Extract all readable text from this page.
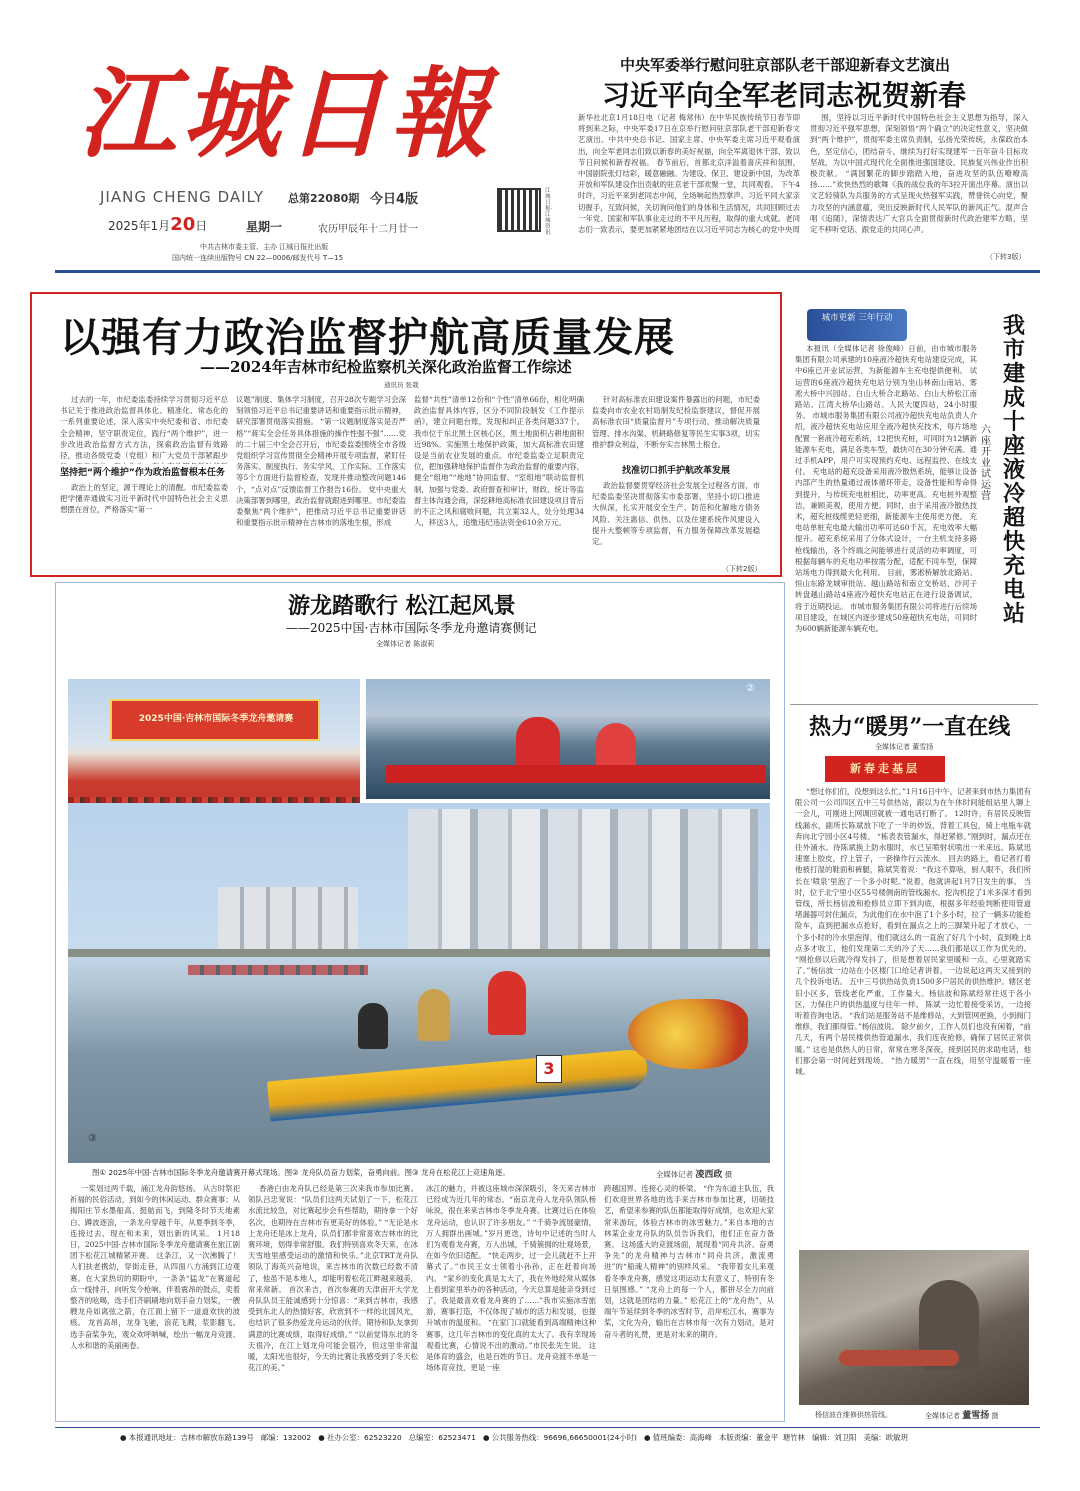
江城日報
JIANG CHENG DAILY 总第22080期 今日4版
2025年1月20日	星期一	农历甲辰年十二月廿一
中共吉林市委主管、主办 江城日报社出版
国内统一连续出版物号 CN 22—0006/邮发代号 T—15
江城日报·江城资讯
中央军委举行慰问驻京部队老干部迎新春文艺演出
习近平向全军老同志祝贺新春

新华社北京1月18日电（记者 梅常伟）在中华民族传统节日春节即将到来之际，中央军委17日在京举行慰问驻京部队老干部迎新春文艺演出。中共中央总书记、国家主席、中央军委主席习近平观看演出，向全军老同志们致以新春的美好祝福，向全军离退休干部、致以节日问候和新春祝福。 春节前后，首都北京洋溢着喜庆祥和氛围，中国剧院张灯结彩，暖意融融。为建设、保卫、建设新中国，为改革开放和军队建设作出贡献的驻京老干部欢聚一堂，共同观看。 下午4时许，习近平来到老同志中间，全场响起热烈掌声。习近平同大家亲切握手，互致问候，关切询问他们的身体和生活情况，共同回顾过去一年党、国家和军队事业走过的不平凡历程，取得的重大成就。老同志们一致表示，要更加紧紧地团结在以习近平同志为核心的党中央周

围，坚持以习近平新时代中国特色社会主义思想为指导，深入贯彻习近平强军思想，深刻领悟“两个确立”的决定性意义，坚决做到“两个维护”，贯彻军委主席负责制，弘扬光荣传统，永葆政治本色，坚定信心，团结奋斗，继续为打好实现建军一百年奋斗目标攻坚战，为以中国式现代化全面推进强国建设、民族复兴伟业作出积极贡献。 “满园繁花的脚步踏踏入地，奋进攻坚的队伍嘹嘹高扬……”欢快热烈的歌舞《我的战位我的年3拉开演出序幕。演出以文艺轻骑队为兵服务的方式呈现火热强军实践，赞誉铁心向党，聚力攻坚的内涵意蕴，突出反映新时代人民军队的新风正气。混声合唱《追随》，深情表达广大官兵全面贯彻新时代政治建军方略，坚定不移听党话、跟党走的共同心声。

（下转3版）
以强有力政治监督护航高质量发展
——2024年吉林市纪检监察机关深化政治监督工作综述
通讯员 张栽

过去的一年，市纪委监委持续学习贯彻习近平总书记关于推进政治监督具体化、精准化、常态化的一系列重要论述，深入落实中央纪委和省、市纪委全会精神，坚守职责定位，践行“两个维护”，进一步改进政治监督方式方法，探索政治监督有效路径，推动各级党委（党组）和广大党员干部紧跟步

坚持把“两个维护”作为政治监督根本任务

政治上的坚定，源于理论上的清醒。市纪委监委把学懂弄通做实习近平新时代中国特色社会主义思想摆在首位，严格落实“第一

议题”制度、集体学习制度，召开28次专题学习会深刻领悟习近平总书记重要讲话和重要指示批示精神，研究部署贯彻落实措施。 “第一议题制度落实是否严格”“蒋实全会任务具体措施的操作性强不强”……党的二十届三中全会召开后，市纪委监委围绕全市各级党组织学习宣传贯彻全会精神开展专项监督，紧盯任务落实、制度执行、务实学风、工作实际、工作落实等5个方面进行监督检查，发现并推动整改问题146个，“点对点”反馈监督工作报告16份。 党中央重大决策部署到哪里，政治监督就跟进到哪里。市纪委监委聚焦“两个维护”，把推动习近平总书记重要讲话和重要指示批示精神在吉林市的落地生根，形成

监督“共性”清单12份和“个性”清单66份，相化明确政治监督具体内容，区分不同阶段制发《工作提示函》，建立问题台账，发现和纠正各类问题337个。 我市位于东北黑土区核心区，黑土地面积占耕地面积近98%。实施黑土地保护政策，加大高标准农田建设是当前农业发展的重点。市纪委监委立足职责定位，把加强耕地保护监督作为政治监督的重要内容，健全“组地”“地地”协同监督、“室组地”联动监督机制，加强与党委、政府督查和审计、财政、统计等监督主体沟通会商，深挖耕地高标准农田建设项目背后的不正之风和腐败问题，共立案32人，处分处理34人，移送3人，追缴违纪违法资金610余万元。

针对高标准农田建设案件暴露出的问题，市纪委监委向市农业农村局制发纪检监察建议，督促开展高标准农田“质量监督月”专项行动，推动解决质量管理、排水沟渠、机耕路修复等民生实事3项，切实推护群众利益，不断夯实吉林黑土根仓。

找准切口抓手护航改革发展

政治监督要贯穿经济社会发展全过程各方面，市纪委监委坚决贯彻落实市委部署，坚持小切口推进大纵深，扎实开展安全生产、防范和化解地方债务风险、关注惠信、供热、以及住建系统作风建设入提升大整顿等专项监督，有力服务保障改革发展稳定。

（下转2版）
游龙踏歌行 松江起风景
——2025中国·吉林市国际冬季龙舟邀请赛侧记
全媒体记者 陈淑莉
2025中国·吉林市国际冬季龙舟邀请赛
②
3
③
图① 2025年中国·吉林市国际冬季龙舟邀请赛开幕式现场。图② 龙舟队员奋力划桨，奋勇向前。图③ 龙舟在松花江上竞速角逐。	全媒体记者 凌西政 摄

一桨划过两千载，涌江龙舟韵悠扬。 从古时祭祀祈福的民俗活动，到如今的休闲运动、群众赛事；从揭阳庄节水墨船高、挺舫而飞，到隆冬时节天地素白、蹲波逐浪，一条龙舟穿越千年，从夏季到冬季，连接过去、现在和未来，划出新的风采。 1月18日，2025中国·吉林市国际冬季龙舟邀请赛在旅江剧团下松花江城精紧开赛。 这条江，又一次沸腾了！ 人们扶老携幼，穿街走巷，从四面八方涌到江边观赛。在大家热切的期盼中，一条条“猛龙”在赛道起点一线排开，向听发令枪响，伴着震昂的鼓点，奕着整齐的吆喝，选手们齐刷刷地向划手奋力划桨，一艘艘龙舟如离弦之箭，在江面上留下一道道欢快的波痕。 龙首高昂，龙身飞驰，浪花飞溅，浆影翻飞。选手奋桨争先，观众欢呼呐喊，绘出一幅龙舟竞渡、人水和谐的美丽画卷。

香港白由龙舟队已经是第三次来我市参加比赛。领队吕忠宽说：“队员们这两天试划了一下，松花江水流比较急，对比赛起步会有些帮助，期待拿一个好名次，也期待在吉林市有更美好的体验。” “无论是水上龙舟还是冰上龙舟，队员们都非常喜欢吉林市的比赛环境，划得非常舒服。我们特别喜欢冬天来，在冰天雪地里感受运动的激情和快乐。”北京TRT龙舟队领队丁海英兴奋地说，来吉林市的次数已经数不清了，他虽不是本地人，却能明着松花江畔越来越美，常来常新。 首次来吉，首次参赛的天津南开大学龙舟队队员王能诚感到十分惊喜：“来到吉林市，我感受到东北人的热情好客，欣赏到不一样的北国风光，也结识了很多热爱龙舟运动的伙伴。期待和队友拿到满意的比赛成绩，取得好成绩。” “以前觉得东北的冬天很冷，在江上划龙舟可能会很冷，但这里非常温暖，太阳光也很好，今天的比赛让我感受到了冬天松花江的美。”

冰江的魅力，并被这座城市深深吸引，冬天来吉林市已经成为近几年的常态。“南京龙舟人龙舟队领队杨咏说，很在来来吉林市冬季龙舟赛。比赛过后在体验龙舟运动，也认识了许多朋友。” “千骑争流展豪情，万人拥群出画城。”岁月更迭，诗句中记述的当时人们为观看龙舟赛，万人出城，千骑簇拥的壮观场景，在如今依旧适配。 “快走两步，过一会儿就赶不上开幕式了。”市民王女士领着小孙孙，正在赶着向场内。 “家乡的变化真是太大了，我在外地经常从媒体上看到家里举办的各种活动，今天总算是能亲身到过了，我是最喜欢看龙舟赛的了……”我市实施冰雪旅游，赛事打造，不仅体现了城市的活力和发展，也提升城市的温度和。 “在家门口就能看到高端精神这种赛事，这几年吉林市的变化真的太大了。我有幸现场观看比赛，心情说不出的激动。”市民张先生说。 这是体育的盛会，也是百姓的节日。龙舟竞渡不单是一场体育竞技，更是一座

跨越国界、连接心灵的桥梁。 “作为东道主队伍，我们欢迎世界各地的选手来吉林市参加比赛，切磋技艺，希望来参赛的队伍都能取得好成绩，也欢迎大家常来游玩，体验吉林市的冰雪魅力。”来自本地的吉林某企业龙舟队的队员告诉我们，他们正在奋力备赛。 这场盛大的竞渡场面，展现着“同舟共济、奋勇争先”的龙舟精神与吉林市“同舟共济，激流勇进”的“船魂人精神”的别样风采。 “我带着女儿来观看冬季龙舟赛，感觉这项运动太有意义了，特别有冬日氛围感。” “龙舟上的每一个人，都拼尽全力向前划，这就是团结的力量。” 松花江上的“龙舟热”，从端午节延续到冬季的冰雪时节，沿岸松江水，赛事为桨，文化为舟，输出在吉林市每一次有力划动，是对奋斗者的礼赞，更是对未来的期许。

城市更新 三年行动	我市建成十座液冷超快充电站
六座开业试运营

本报讯（全媒体记者 徐俊峰）日前，由市城市服务集团有限公司承建的10座液冷超快充电站建设完成，其中6座已开业试运营，为新能源车主充电提供便利。 试运营的6座液冷超快充电站分别为坐山林南山南站、雾凇大桥中兴园站、白山大桥合北路站、白山大桥松江南路站、江湾大桥华山路站、人民大厦四站，24小时服务。 市城市服务集团有限公司液冷超快充电站负责人介绍，液冷超快充电站应用全液冷超快充技术，每片场地配置一套液冷超充系统，12把快充桩，可同时为12辆新能源车充电，满足各类车型，最快可在30分钟充满。通过手机APP，用户可实现预约充电、远程监控、在线支付。 充电站的超充设备采用液冷散热系统，能够让设备内部产生的热量通过液体循环带走，设备性能和寿命得到提升，与传统充电桩相比，功率更高。充电桩外观整洁，兼顾美观，使用方便。同时，由于采用液冷散热技术，超充桩线缆更轻更细，新能源车主使用更方便。 充电站单桩充电最大输出功率可达60千瓦，充电效率大幅提升。超充系统采用了分体式设计，一台主机支持多路枪线输出，各个终端之间能够进行灵活的功率调度，可根据每辆车的充电功率按需分配，适配不同车型，保障站场电力得到最大化利用。 目前，雾凇桥解放北路站、恒山东路龙城审批站、越山路站和南立交桥站、沙河子转盘越山路站4座液冷超快充电站正在进行设备调试，将于近期投运。 市城市服务集团有限公司将进行后续场项目建设，在城区内逐步建成50座超快充电站，可同时为600辆新能源车辆充电。

热力“暖男”一直在线
全媒体记者 董雪扬
新春走基层

“想过你们们，没想到这么忙。”1月16日中午，记者来到市热力集团有限公司一公司四区五中三号供热站，跟以为在午休时间能组站里人聊上一会儿，可刚进上网调回就被一通电话打断了。 12时许，有居民反映管线漏水，副所长陈斌放下吃了一半的炒饭，背着工具包，骑上电瓶车就奔向北宁园小区4号楼。 “栋表表管漏水，得赶紧修。”刚到时，漏点还在往外涌水。待陈斌换上防水服时，水已呈喷射状喷出一米来远。陈斌迅速塞上胶皮，拧上管子，一套操作行云流水。 回去的路上，看记者打着他被打湿的鞋面和裤腿，陈斌笑着说：“我这不算啥，厨人眼不，我们所长在‘喷泉’里泡了一个多小时呢。”说着，他就讲起1月7日发生的事。 当时，位于北宁里小区55号楼侧南的管线漏水。挖沟机挖了1米多深才看到管线，所长杨信波和抢修员立即下到沟底，根据多年经验判断使用管道堵漏器可封住漏点，为此他们在水中泡了1个多小时，拉了一辆多功能抢险车，直到把漏水点抢好，看到在漏点之上的三脚架升起了才放心，一个多小时的冷水里泡得，他们就这么的一直泡了好几个小时，直到晚上8点多才收工，他们发现第二天的冷了天……我们都是以工作为优先的。 “刚抢修以后就冷得发抖了，但是想着居民家里暖和一点，心里就踏实了。”杨信波一边站在小区楼门口给记者讲着，一边说起这两天又接到的几个投诉电话。 五中三号供热站负责1500多户居民的供热维护。辖区老旧小区多，管线老化严重，工作量大。杨信波和陈斌经常往返于各小区，力保住户的供热温度与往年一样。 陈斌一边忙着接受采访，一边接听着咨询电话。 “我们站是服务站不是维修站，大到管网更换，小到阀门维修，我们都得管。”杨信波说。 除夕前夕，工作人员们也没有闲着，“前几天，有两个居民楼供热管道漏水，我们连夜抢修，确保了居民正常供暖。” 这也是供热人的日常，常常在寒冬深夜，接到居民的求助电话，他们都会第一时间赶到现场。 “热力暖男”一直在线，用坚守温暖着一座城。

杨信波在维修供热管线。	全媒体记者 董雪扬 摄
● 本报通讯地址：吉林市解放东路139号 邮编：132002 ● 社办公室：62523220 总编室：62523471 ● 公共服务热线：96696,66650001(24小时) ● 值班编委：高海峰 本版责编：董金平 瑭竹林 编辑：刘卫阳 美编：欧敏玥
